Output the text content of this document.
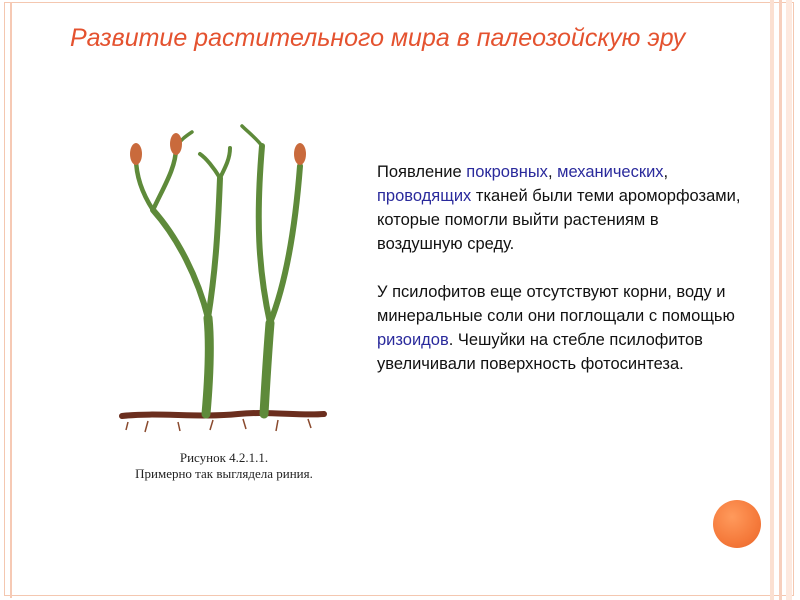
Развитие растительного мира в палеозойскую эру
Рисунок 4.2.1.1.
Примерно так выглядела риния.

Появление покровных, механических, проводящих тканей были теми ароморфозами, которые помогли выйти растениям в воздушную среду.

У псилофитов еще отсутствуют корни, воду и минеральные соли они поглощали с помощью ризоидов. Чешуйки на стебле псилофитов увеличивали поверхность фотосинтеза.
